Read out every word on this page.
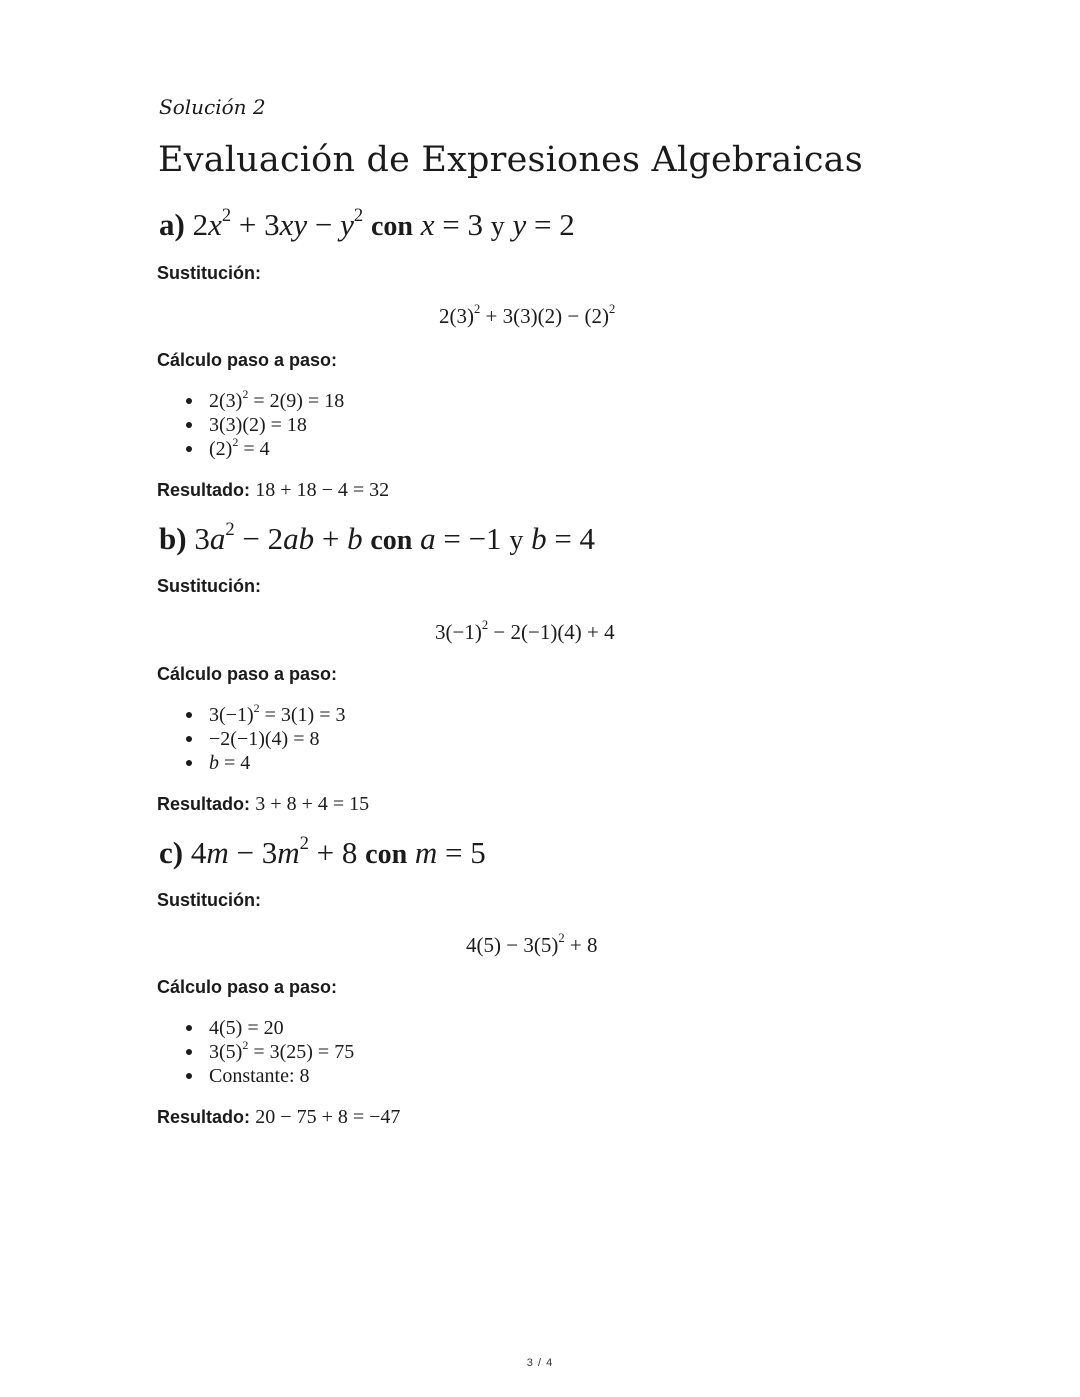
Solución 2
Evaluación de Expresiones Algebraicas
a) $2x^2 + 3xy - y^2$ con x = 3 y y = 2
Sustitución:
$2(3)^2 + 3(3)(2) - (2)^2$
Cálculo paso a paso:
$2(3)^2 = 2(9) = 18$
3(3)(2) = 18
$(2)^2 = 4$
Resultado: 18 + 18 − 4 = 32
b) $3a^2 - 2ab + b$ con a = −1 y b = 4
Sustitución:
$3(-1)^2 - 2(-1)(4) + 4$
Cálculo paso a paso:
$3(-1)^2 = 3(1) = 3$
−2(−1)(4) = 8
b = 4
Resultado: 3 + 8 + 4 = 15
c) $4m - 3m^2 + 8$ con m = 5
Sustitución:
$4(5) - 3(5)^2 + 8$
Cálculo paso a paso:
4(5) = 20
$3(5)^2 = 3(25) = 75$
Constante: 8
Resultado: 20 − 75 + 8 = −47
3 / 4
